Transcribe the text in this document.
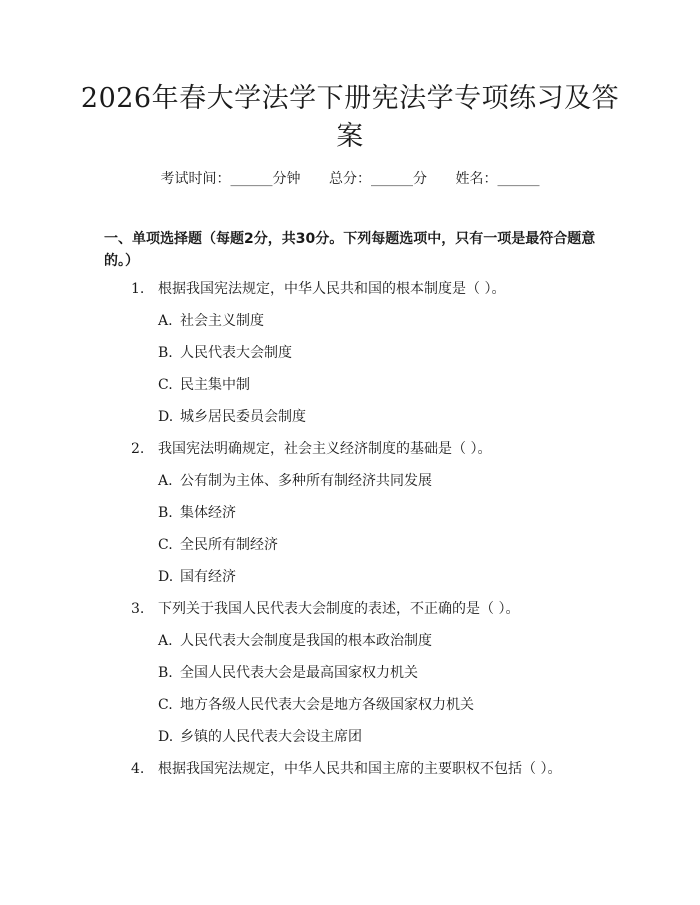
2026年春大学法学下册宪法学专项练习及答案
考试时间：______分钟 总分：______分 姓名：______
一、单项选择题（每题2分，共30分。下列每题选项中，只有一项是最符合题意的。）
1. 根据我国宪法规定，中华人民共和国的根本制度是（ ）。
A. 社会主义制度
B. 人民代表大会制度
C. 民主集中制
D. 城乡居民委员会制度
2. 我国宪法明确规定，社会主义经济制度的基础是（ ）。
A. 公有制为主体、多种所有制经济共同发展
B. 集体经济
C. 全民所有制经济
D. 国有经济
3. 下列关于我国人民代表大会制度的表述，不正确的是（ ）。
A. 人民代表大会制度是我国的根本政治制度
B. 全国人民代表大会是最高国家权力机关
C. 地方各级人民代表大会是地方各级国家权力机关
D. 乡镇的人民代表大会设主席团
4. 根据我国宪法规定，中华人民共和国主席的主要职权不包括（ ）。
